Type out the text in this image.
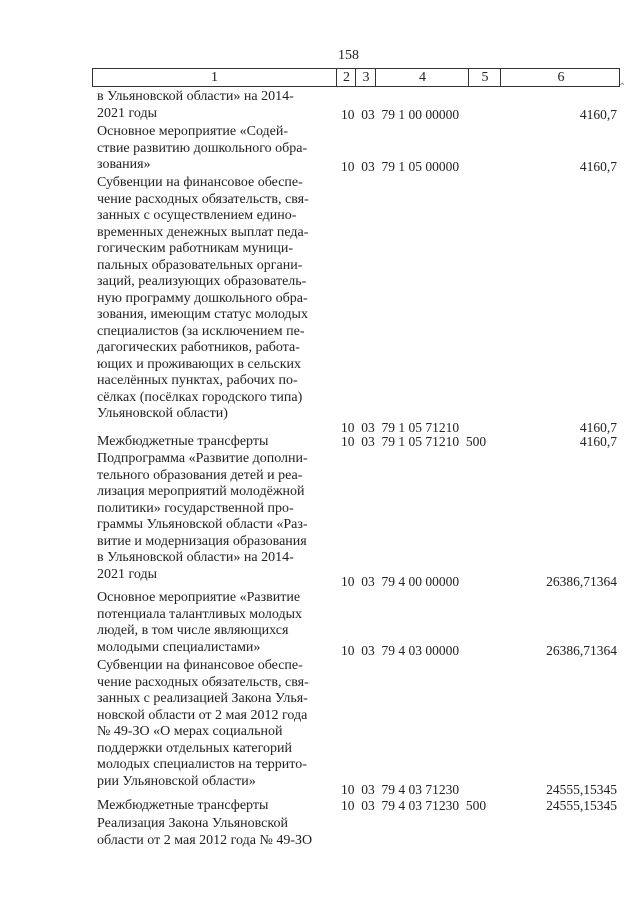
158
1	2 3	4	5	6
в Ульяновской области» на 2014-
2021 годы	10  03  79 1 00 00000	4160,7
Основное мероприятие «Содей-
ствие развитию дошкольного обра-
зования»	10  03  79 1 05 00000	4160,7
Субвенции на финансовое обеспе-
чение расходных обязательств, свя-
занных с осуществлением едино-
временных денежных выплат педа-
гогическим работникам муници-
пальных образовательных органи-
заций, реализующих образователь-
ную программу дошкольного обра-
зования, имеющим статус молодых
специалистов (за исключением пе-
дагогических работников, работа-
ющих и проживающих в сельских
населённых пунктах, рабочих по-
сёлках (посёлках городского типа)
Ульяновской области)
10  03  79 1 05 71210	4160,7
Межбюджетные трансферты	10  03  79 1 05 71210  500	4160,7
Подпрограмма «Развитие дополни-
тельного образования детей и реа-
лизация мероприятий молодёжной
политики» государственной про-
граммы Ульяновской области «Раз-
витие и модернизация образования
в Ульяновской области» на 2014-
2021 годы	10  03  79 4 00 00000	26386,71364
Основное мероприятие «Развитие
потенциала талантливых молодых
людей, в том числе являющихся
молодыми специалистами»	10  03  79 4 03 00000	26386,71364
Субвенции на финансовое обеспе-
чение расходных обязательств, свя-
занных с реализацией Закона Улья-
новской области от 2 мая 2012 года
№ 49-ЗО «О мерах социальной
поддержки отдельных категорий
молодых специалистов на террито-
рии Ульяновской области»
10  03  79 4 03 71230	24555,15345
Межбюджетные трансферты	10  03  79 4 03 71230  500	24555,15345
Реализация Закона Ульяновской
области от 2 мая 2012 года № 49-ЗО
‸
